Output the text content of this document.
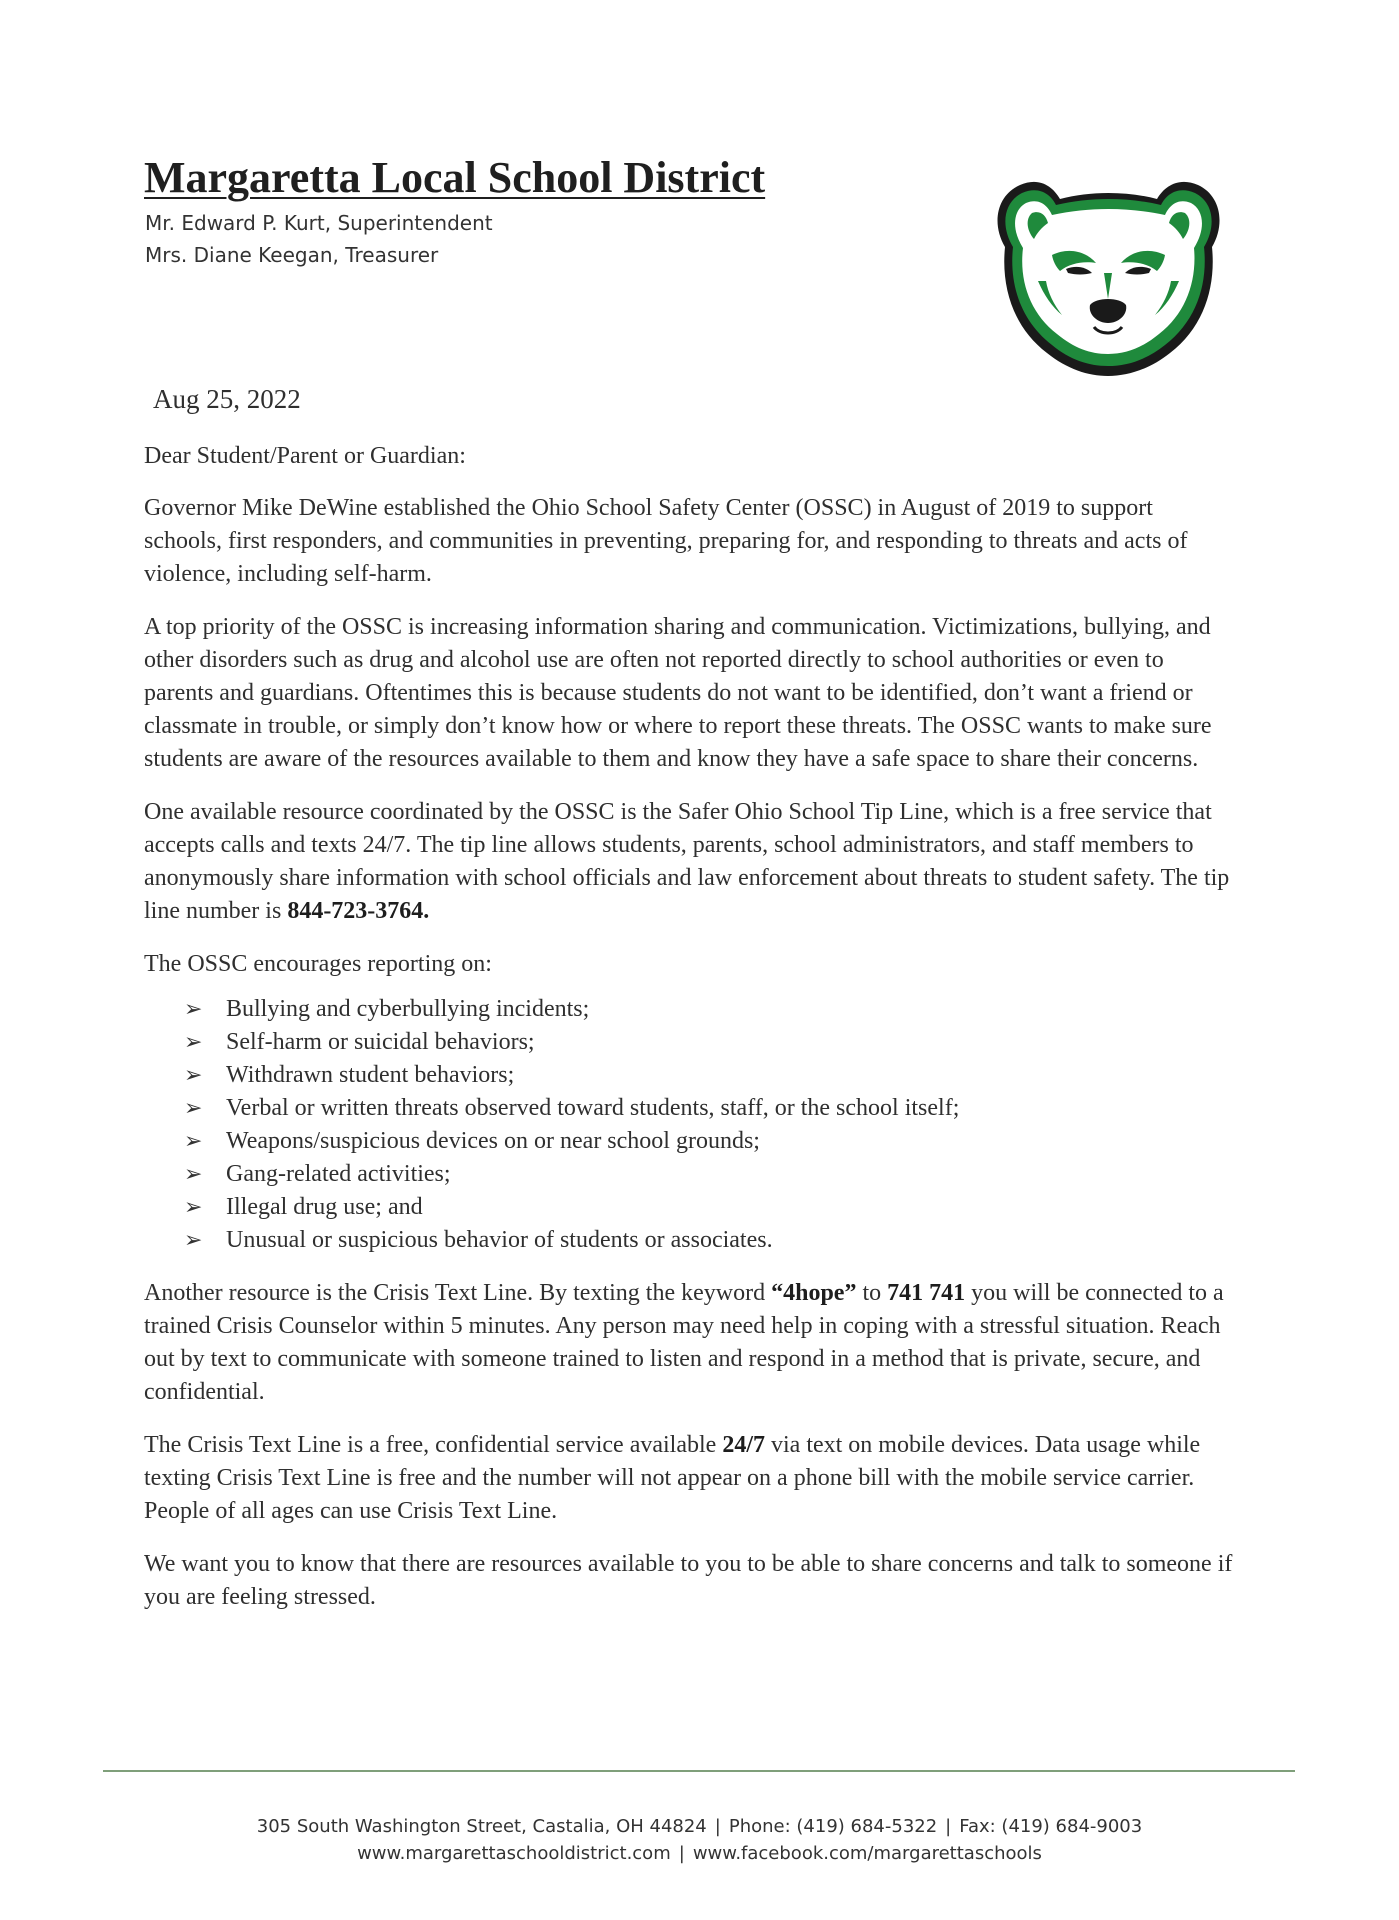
Margaretta Local School District
Mr. Edward P. Kurt, Superintendent
Mrs. Diane Keegan, Treasurer
Aug 25, 2022

Dear Student/Parent or Guardian:

Governor Mike DeWine established the Ohio School Safety Center (OSSC) in August of 2019 to support schools, first responders, and communities in preventing, preparing for, and responding to threats and acts of violence, including self-harm.

A top priority of the OSSC is increasing information sharing and communication. Victimizations, bullying, and other disorders such as drug and alcohol use are often not reported directly to school authorities or even to parents and guardians. Oftentimes this is because students do not want to be identified, don’t want a friend or classmate in trouble, or simply don’t know how or where to report these threats. The OSSC wants to make sure students are aware of the resources available to them and know they have a safe space to share their concerns.

One available resource coordinated by the OSSC is the Safer Ohio School Tip Line, which is a free service that accepts calls and texts 24/7. The tip line allows students, parents, school administrators, and staff members to anonymously share information with school officials and law enforcement about threats to student safety. The tip line number is 844-723-3764.

The OSSC encourages reporting on:

➢ Bullying and cyberbullying incidents;
➢ Self-harm or suicidal behaviors;
➢ Withdrawn student behaviors;
➢ Verbal or written threats observed toward students, staff, or the school itself;
➢ Weapons/suspicious devices on or near school grounds;
➢ Gang-related activities;
➢ Illegal drug use; and
➢ Unusual or suspicious behavior of students or associates.

Another resource is the Crisis Text Line. By texting the keyword “4hope” to 741 741 you will be connected to a trained Crisis Counselor within 5 minutes. Any person may need help in coping with a stressful situation. Reach out by text to communicate with someone trained to listen and respond in a method that is private, secure, and confidential.

The Crisis Text Line is a free, confidential service available 24/7 via text on mobile devices. Data usage while texting Crisis Text Line is free and the number will not appear on a phone bill with the mobile service carrier. People of all ages can use Crisis Text Line.

We want you to know that there are resources available to you to be able to share concerns and talk to someone if you are feeling stressed.

305 South Washington Street, Castalia, OH 44824 | Phone: (419) 684-5322 | Fax: (419) 684-9003
www.margarettaschooldistrict.com | www.facebook.com/margarettaschools
